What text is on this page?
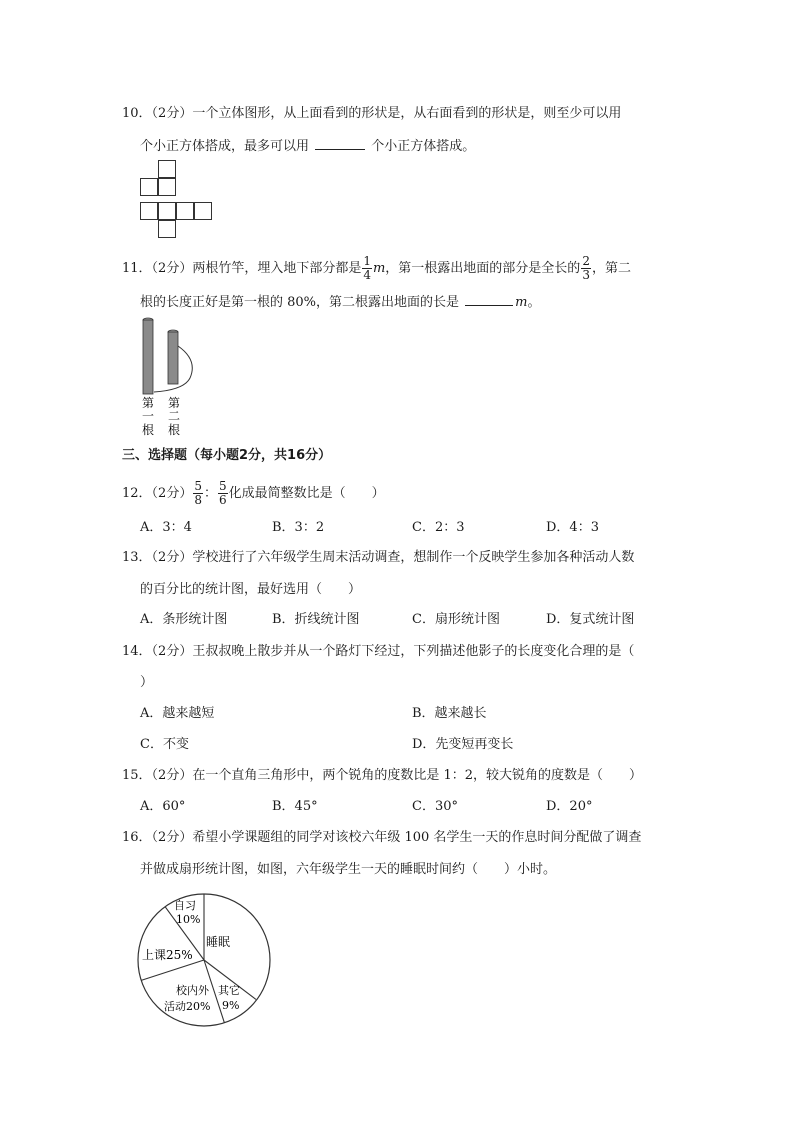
10．（2分）一个立体图形，从上面看到的形状是，从右面看到的形状是，则至少可以用
个小正方体搭成，最多可以用	个小正方体搭成。
11．（2分）两根竹竿，埋入地下部分都是 $\frac{1}{4}$ m，第一根露出地面的部分是全长的 $\frac{2}{3}$ ，第二
根的长度正好是第一根的 80%，第二根露出地面的长是	m。
第
一
根
第
二
根
三、选择题（每小题2分，共16分）
12．（2分） $\frac{5}{8}$ ： $\frac{5}{6}$ 化成最简整数比是（　　）
A．3：4	B．3：2	C．2：3	D．4：3
13．（2分）学校进行了六年级学生周末活动调查，想制作一个反映学生参加各种活动人数
的百分比的统计图，最好选用（　　）
A．条形统计图	B．折线统计图	C．扇形统计图	D．复式统计图
14．（2分）王叔叔晚上散步并从一个路灯下经过，下列描述他影子的长度变化合理的是（
）
A．越来越短	B．越来越长
C．不变	D．先变短再变长
15．（2分）在一个直角三角形中，两个锐角的度数比是 1：2，较大锐角的度数是（　　）
A．60°	B．45°	C．30°	D．20°
16．（2分）希望小学课题组的同学对该校六年级 100 名学生一天的作息时间分配做了调查
并做成扇形统计图，如图，六年级学生一天的睡眠时间约（　　）小时。
睡眠
自习
10%
上课25%
校内外
活动20%
其它
9%
